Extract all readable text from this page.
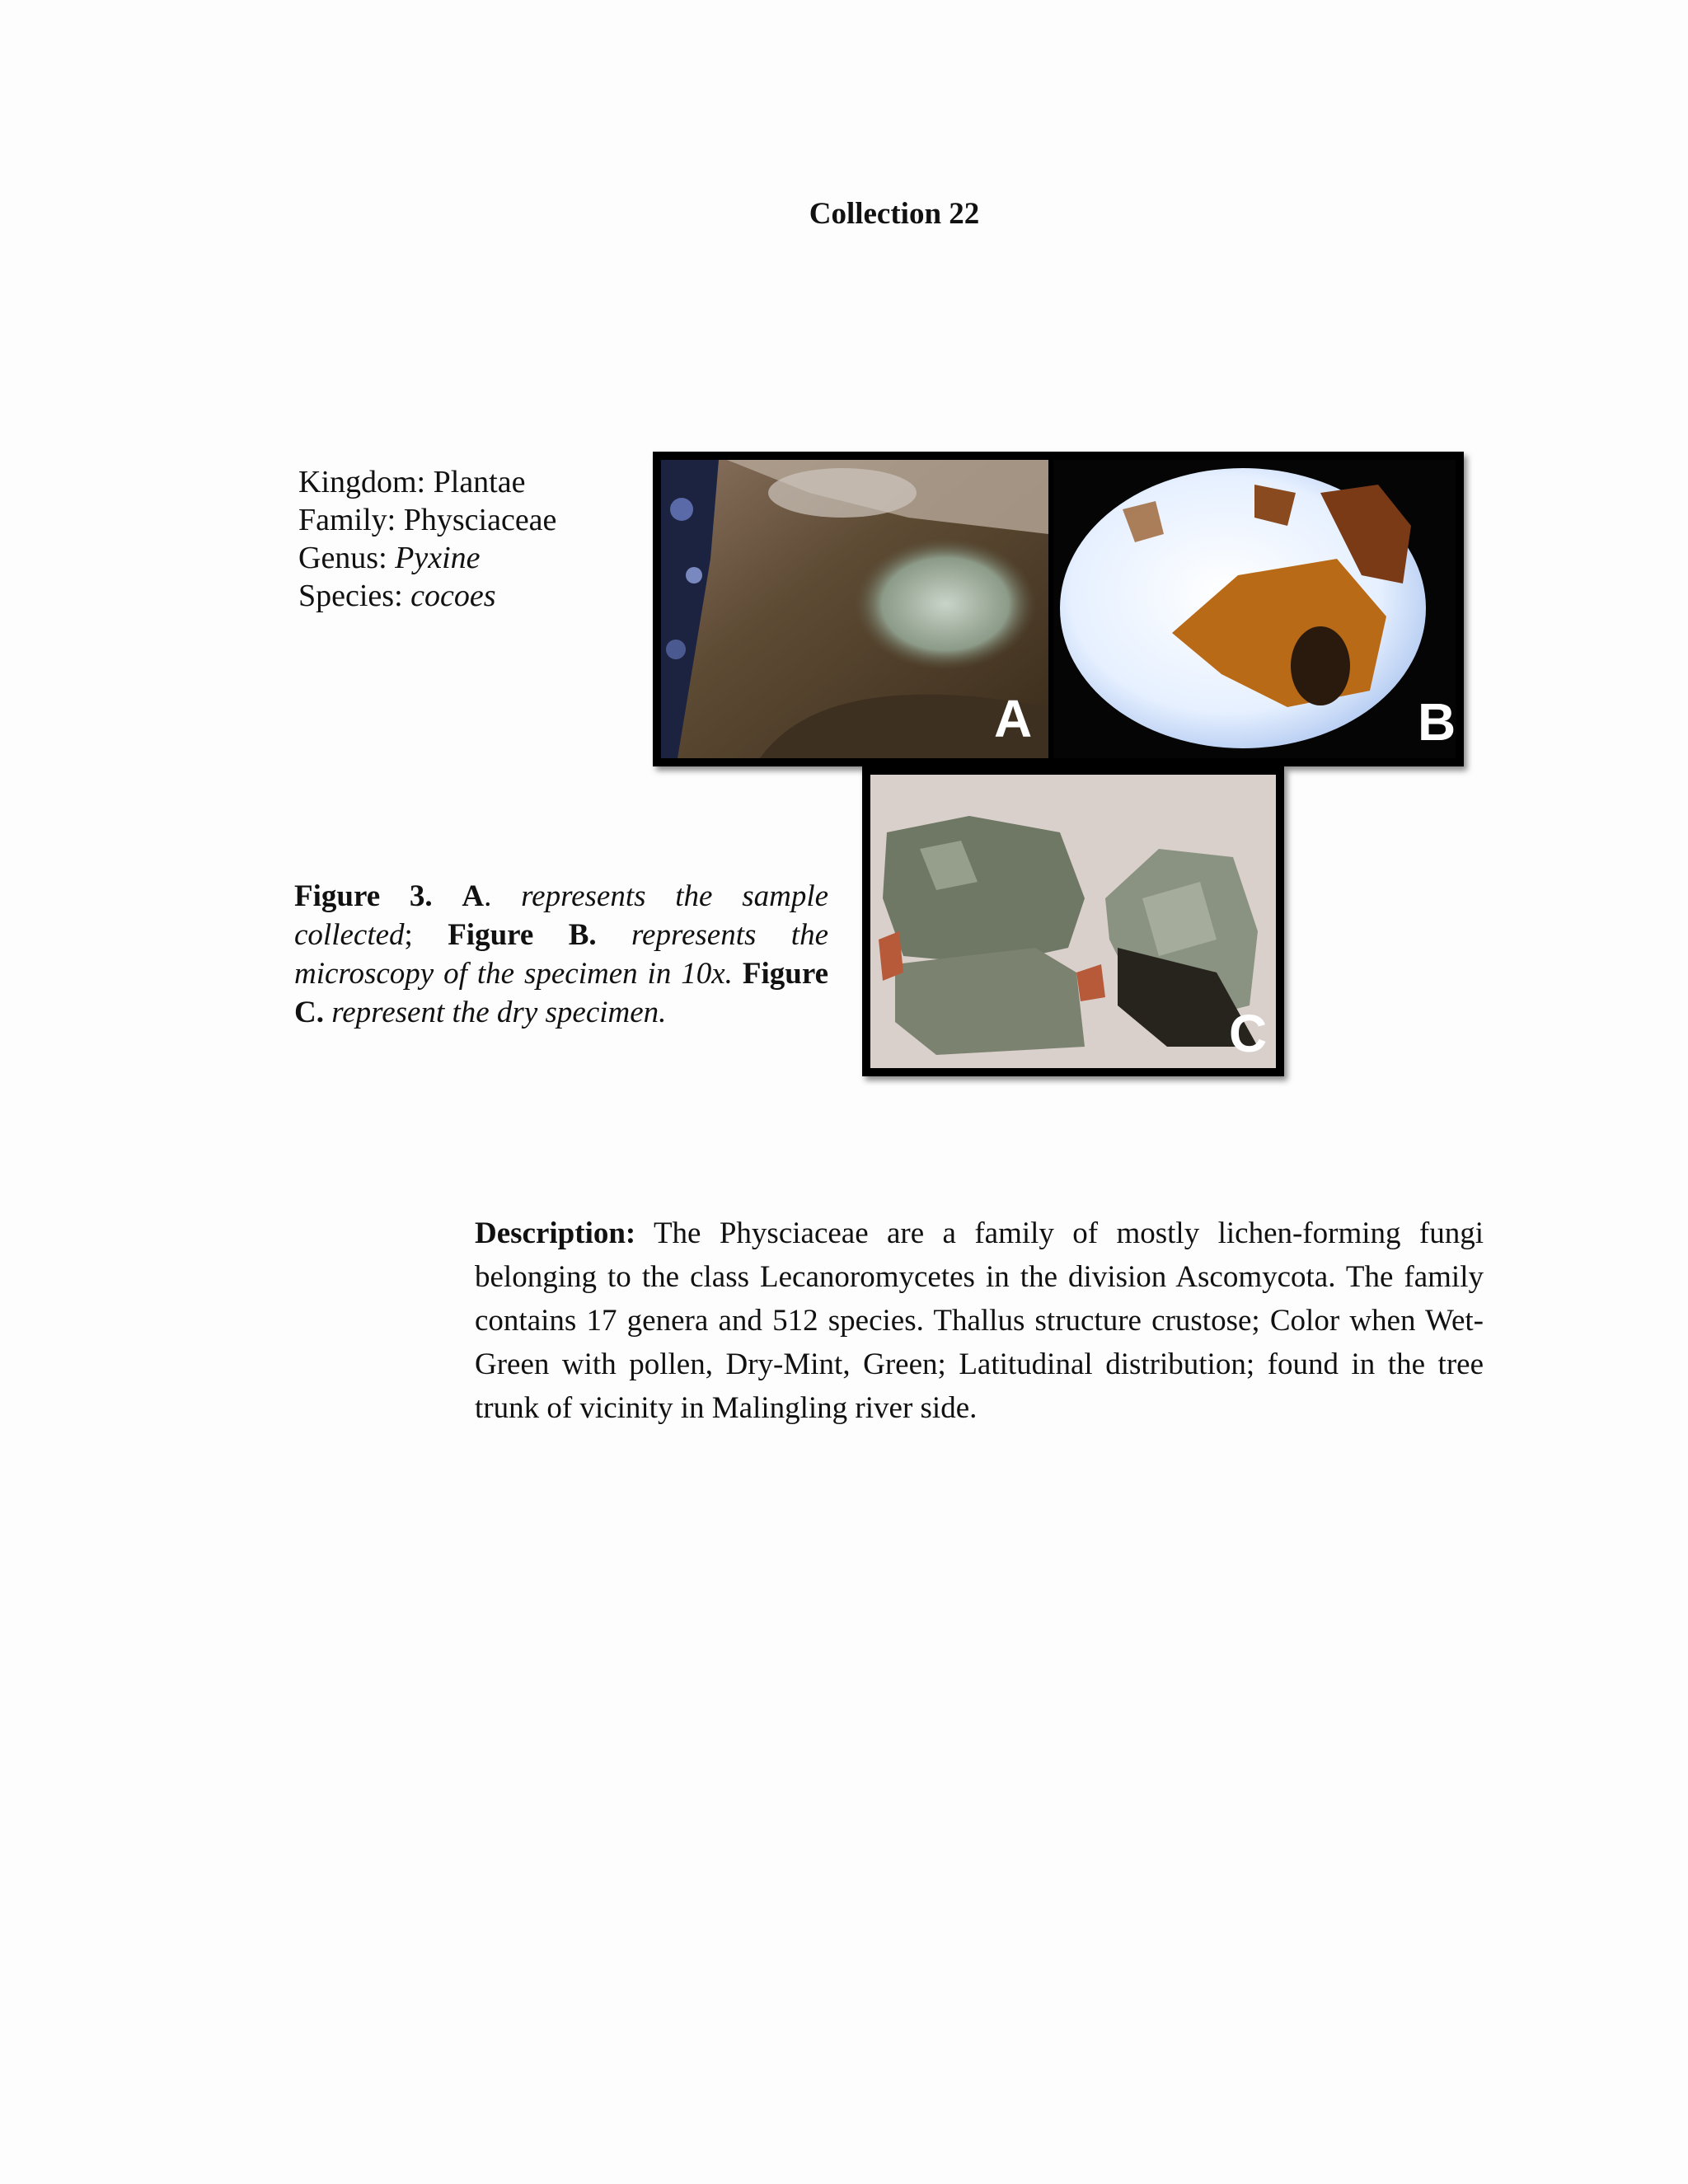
Collection 22
Kingdom: Plantae
Family: Physciaceae
Genus: Pyxine
Species: cocoes
A	B
C
Figure 3. A. represents the sample collected; Figure B. represents the microscopy of the specimen in 10x. Figure C. represent the dry specimen.
Description: The Physciaceae are a family of mostly lichen-forming fungi belonging to the class Lecanoromycetes in the division Ascomycota. The family contains 17 genera and 512 species. Thallus structure crustose; Color when Wet-Green with pollen, Dry-Mint, Green; Latitudinal distribution; found in the tree trunk of vicinity in Malingling river side.
